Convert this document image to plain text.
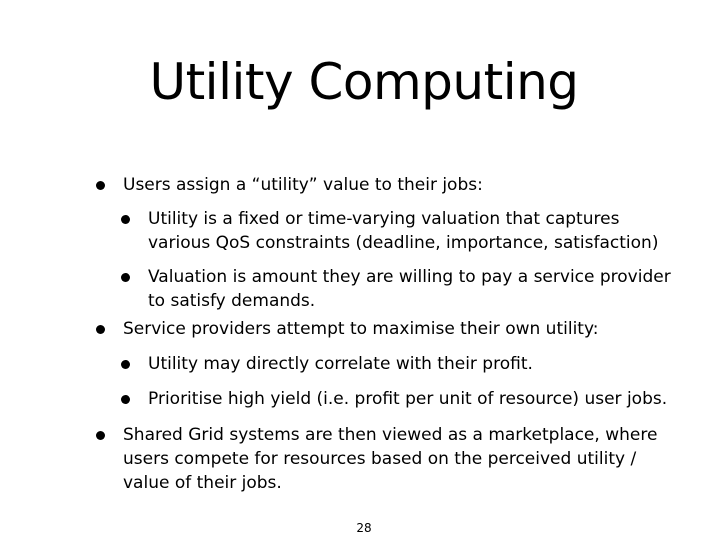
Utility Computing
Users assign a “utility” value to their jobs:
Utility is a fixed or time-varying valuation that captures
various QoS constraints (deadline, importance, satisfaction)
Valuation is amount they are willing to pay a service provider
to satisfy demands.
Service providers attempt to maximise their own utility:
Utility may directly correlate with their profit.
Prioritise high yield (i.e. profit per unit of resource) user jobs.
Shared Grid systems are then viewed as a marketplace, where
users compete for resources based on the perceived utility /
value of their jobs.
28
